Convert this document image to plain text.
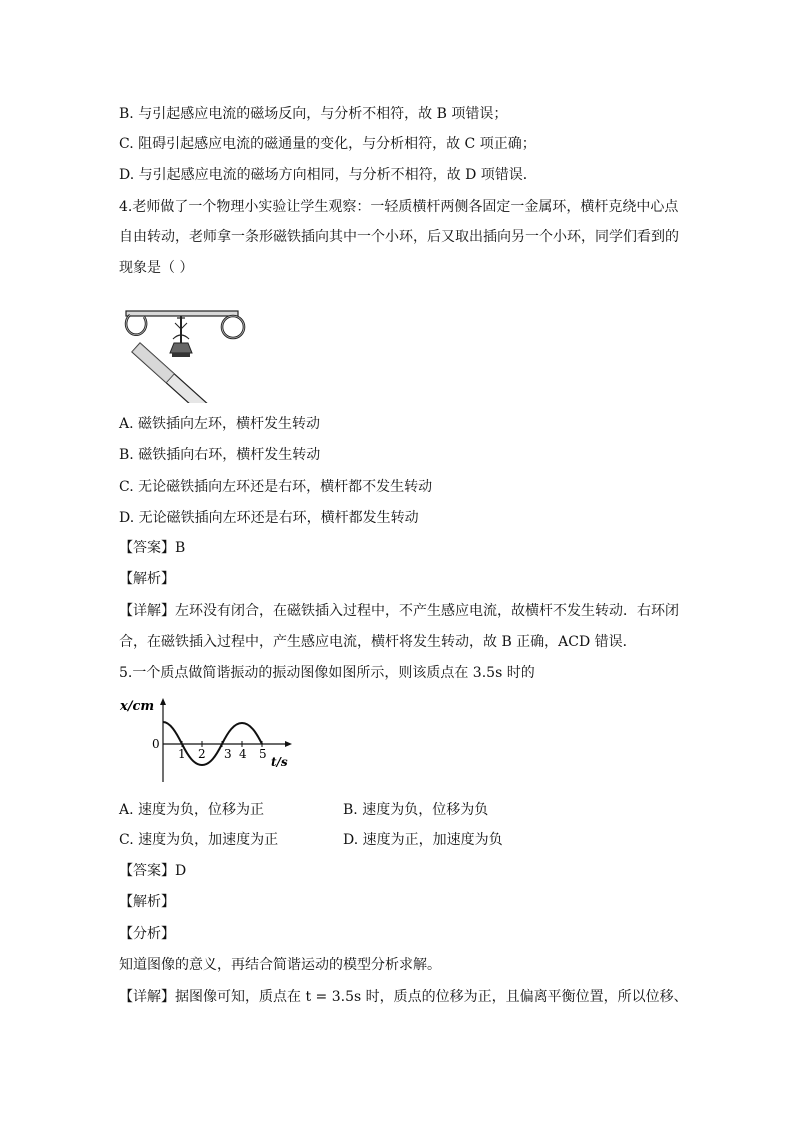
B. 与引起感应电流的磁场反向，与分析不相符，故 B 项错误；
C. 阻碍引起感应电流的磁通量的变化，与分析相符，故 C 项正确；
D. 与引起感应电流的磁场方向相同，与分析不相符，故 D 项错误．
4.老师做了一个物理小实验让学生观察：一轻质横杆两侧各固定一金属环，横杆克绕中心点
自由转动，老师拿一条形磁铁插向其中一个小环，后又取出插向另一个小环，同学们看到的
现象是（ ）
A. 磁铁插向左环，横杆发生转动
B. 磁铁插向右环，横杆发生转动
C. 无论磁铁插向左环还是右环，横杆都不发生转动
D. 无论磁铁插向左环还是右环，横杆都发生转动
【答案】B
【解析】
【详解】左环没有闭合，在磁铁插入过程中，不产生感应电流，故横杆不发生转动．右环闭
合，在磁铁插入过程中，产生感应电流，横杆将发生转动，故 B 正确，ACD 错误．
5.一个质点做简谐振动的振动图像如图所示，则该质点在 3.5s 时的
x/cm
0
1 2 3 4 5
t/s
A. 速度为负，位移为正	B. 速度为负，位移为负
C. 速度为负，加速度为正	D. 速度为正，加速度为负
【答案】D
【解析】
【分析】
知道图像的意义，再结合简谐运动的模型分析求解。
【详解】据图像可知，质点在 t = 3.5s 时，质点的位移为正，且偏离平衡位置，所以位移、
